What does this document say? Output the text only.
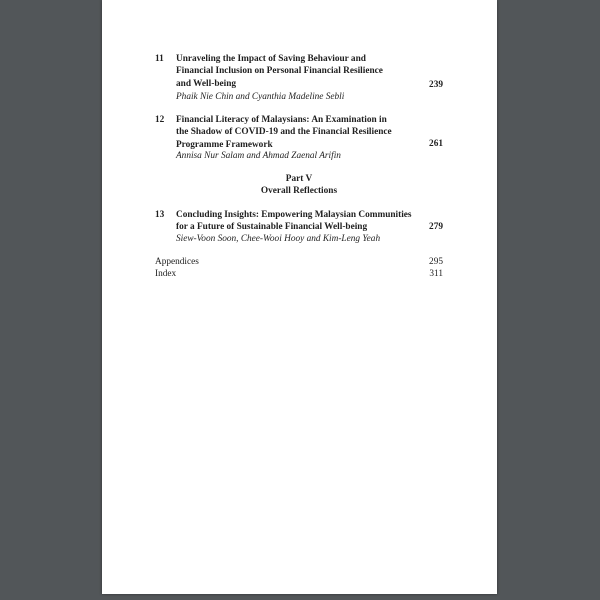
11 Unraveling the Impact of Saving Behaviour and
Financial Inclusion on Personal Financial Resilience
and Well-being	239
Phaik Nie Chin and Cyanthia Madeline Sebli
12 Financial Literacy of Malaysians: An Examination in
the Shadow of COVID-19 and the Financial Resilience
Programme Framework	261
Annisa Nur Salam and Ahmad Zaenal Arifin
Part V
Overall Reflections
13 Concluding Insights: Empowering Malaysian Communities
for a Future of Sustainable Financial Well-being	279
Siew-Voon Soon, Chee-Wooi Hooy and Kim-Leng Yeah
Appendices	295
Index	311
